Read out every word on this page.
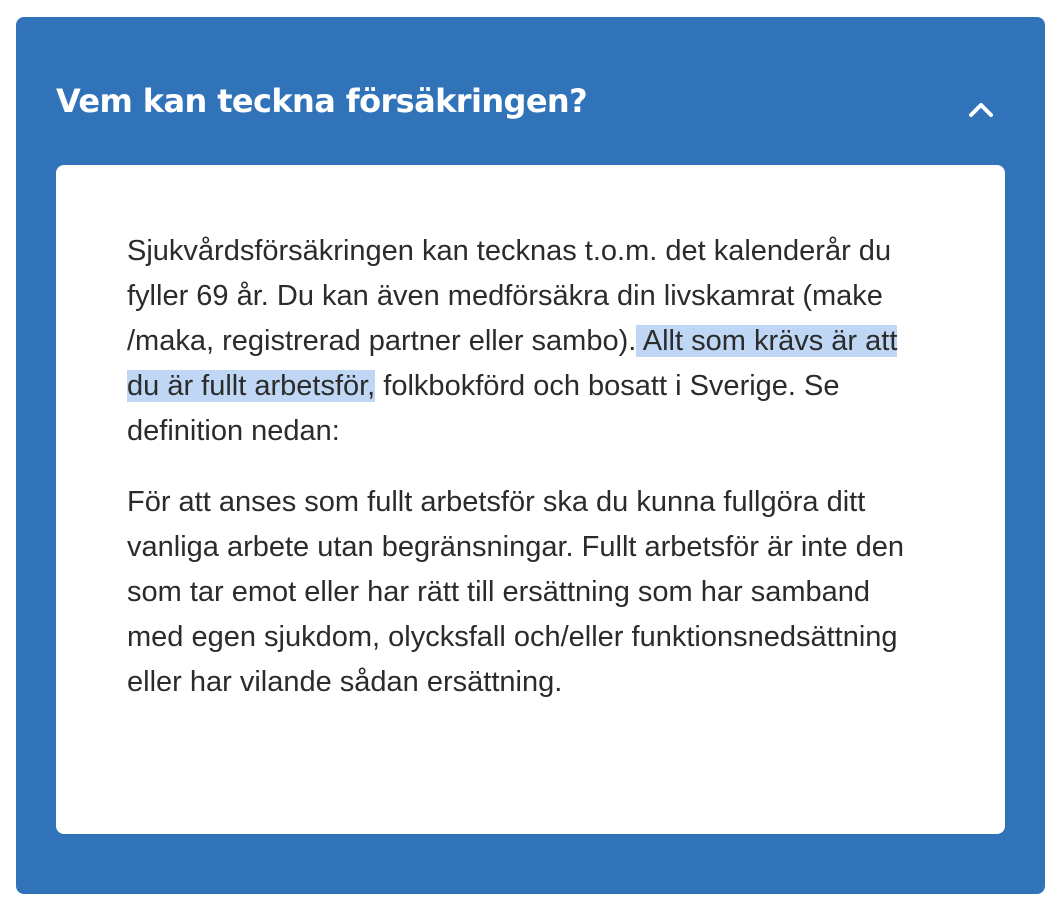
Vem kan teckna försäkringen?

Sjukvårdsförsäkringen kan tecknas t.o.m. det kalenderår du fyller 69 år. Du kan även medförsäkra din livskamrat (make /maka, registrerad partner eller sambo). Allt som krävs är att du är fullt arbetsför, folkbokförd och bosatt i Sverige. Se definition nedan:

För att anses som fullt arbetsför ska du kunna fullgöra ditt vanliga arbete utan begränsningar. Fullt arbetsför är inte den som tar emot eller har rätt till ersättning som har samband med egen sjukdom, olycksfall och/eller funktionsnedsättning eller har vilande sådan ersättning.
